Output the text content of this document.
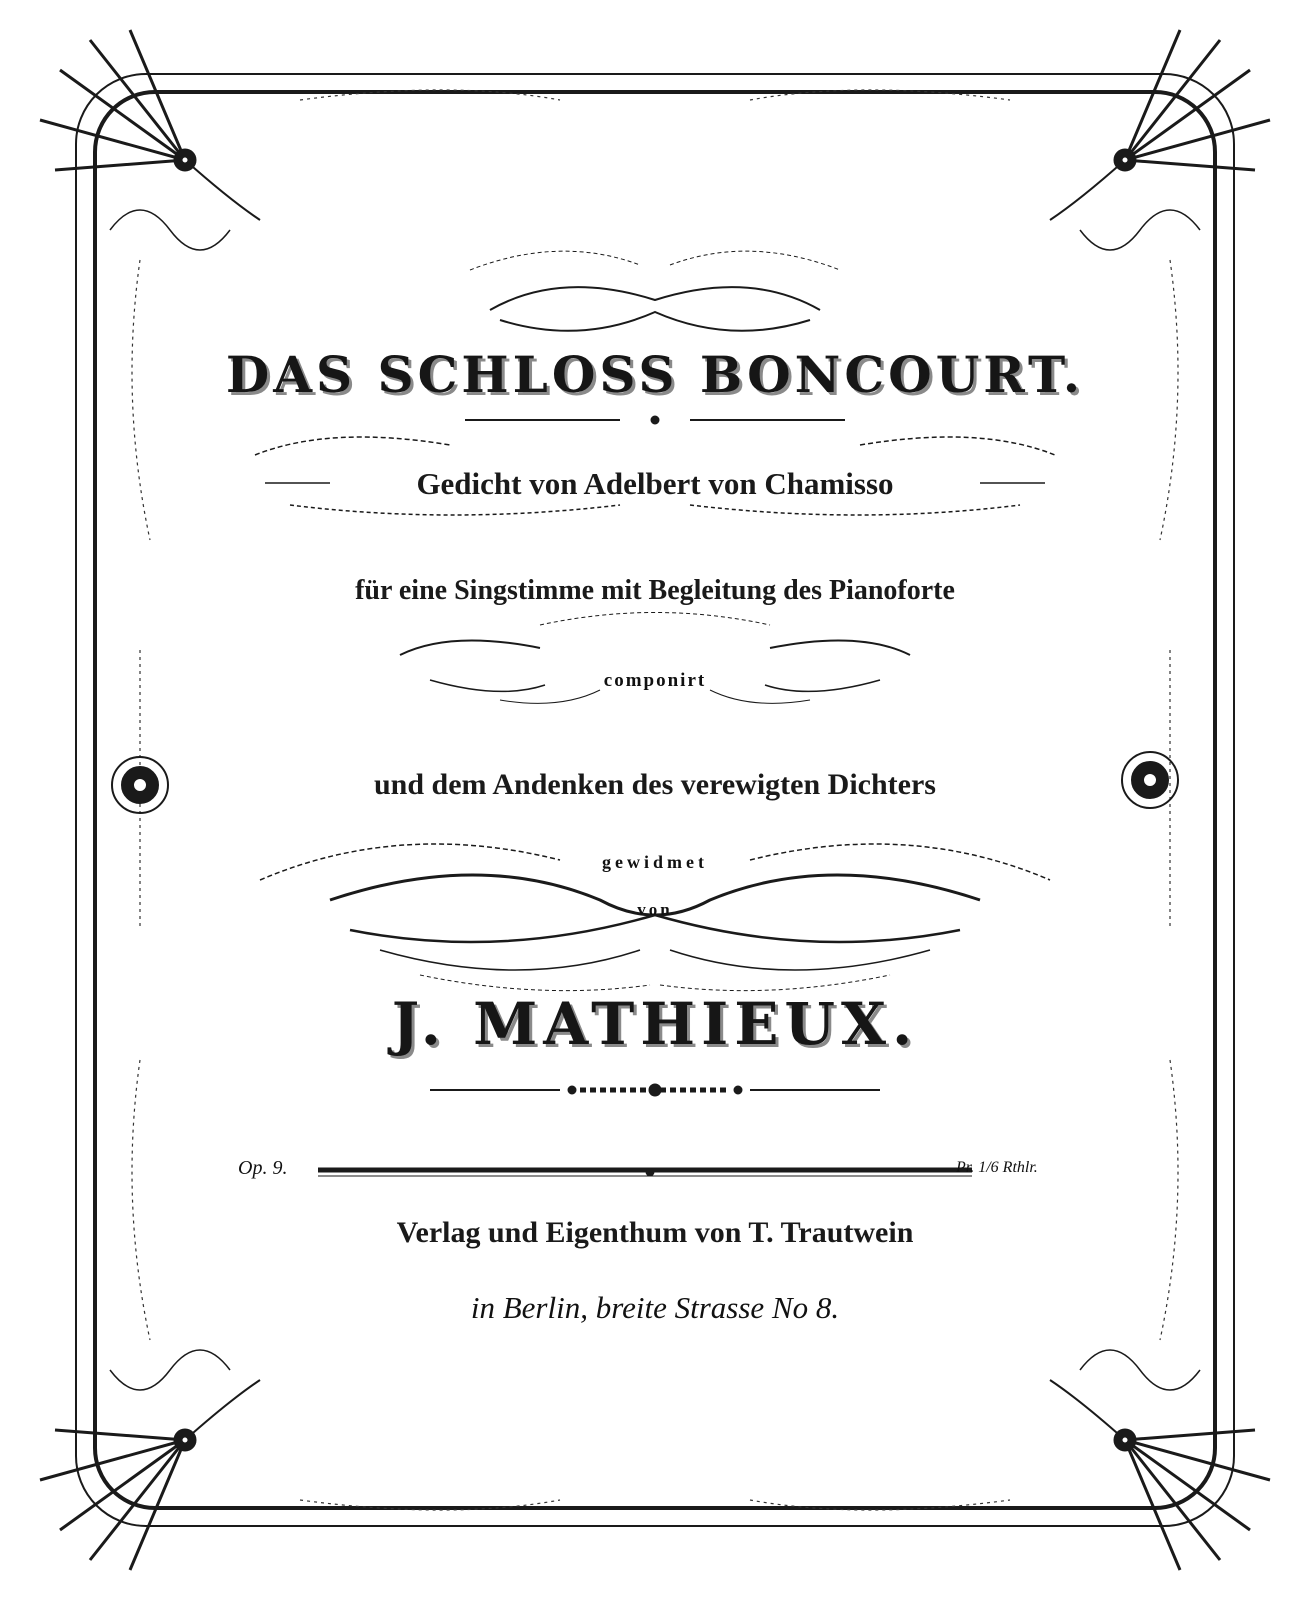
DAS SCHLOSS BONCOURT.
Gedicht von Adelbert von Chamisso
für eine Singstimme mit Begleitung des Pianoforte
componirt
und dem Andenken des verewigten Dichters
gewidmet
von
J. MATHIEUX.
Op. 9.	Pr. 1/6 Rthlr.
Verlag und Eigenthum von T. Trautwein
in Berlin, breite Strasse No 8.
